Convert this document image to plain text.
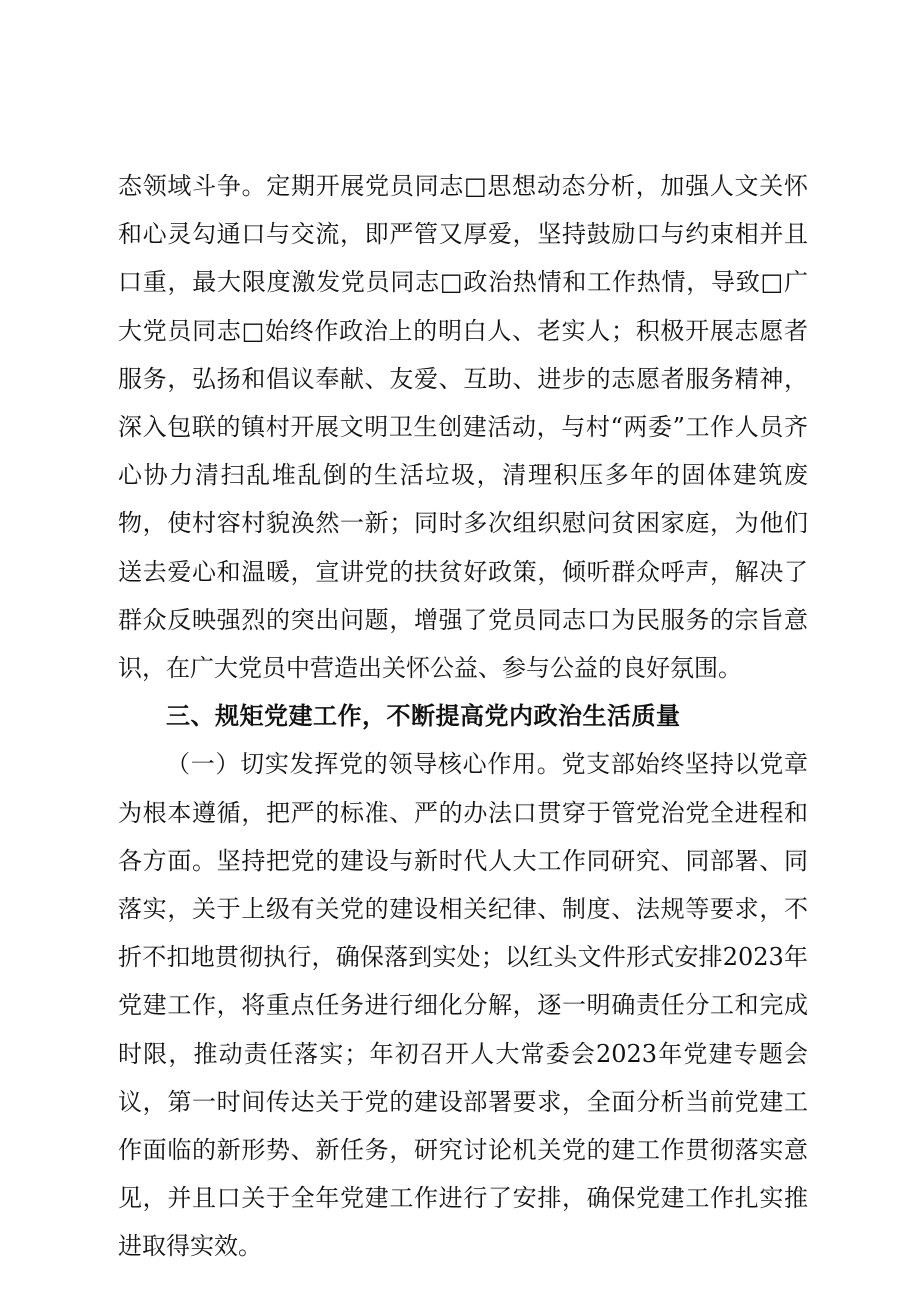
态领域斗争。定期开展党员同志□思想动态分析，加强人文关怀和心灵勾通口与交流，即严管又厚爱，坚持鼓励口与约束相并且口重，最大限度激发党员同志□政治热情和工作热情，导致□广大党员同志□始终作政治上的明白人、老实人；积极开展志愿者服务，弘扬和倡议奉献、友爱、互助、进步的志愿者服务精神，深入包联的镇村开展文明卫生创建活动，与村“两委”工作人员齐心协力清扫乱堆乱倒的生活垃圾，清理积压多年的固体建筑废物，使村容村貌涣然一新；同时多次组织慰问贫困家庭，为他们送去爱心和温暖，宣讲党的扶贫好政策，倾听群众呼声，解决了群众反映强烈的突出问题，增强了党员同志口为民服务的宗旨意识，在广大党员中营造出关怀公益、参与公益的良好氛围。

三、规矩党建工作，不断提高党内政治生活质量

（一）切实发挥党的领导核心作用。党支部始终坚持以党章为根本遵循，把严的标准、严的办法口贯穿于管党治党全进程和各方面。坚持把党的建设与新时代人大工作同研究、同部署、同落实，关于上级有关党的建设相关纪律、制度、法规等要求，不折不扣地贯彻执行，确保落到实处；以红头文件形式安排2023年党建工作，将重点任务进行细化分解，逐一明确责任分工和完成时限，推动责任落实；年初召开人大常委会2023年党建专题会议，第一时间传达关于党的建设部署要求，全面分析当前党建工作面临的新形势、新任务，研究讨论机关党的建工作贯彻落实意见，并且口关于全年党建工作进行了安排，确保党建工作扎实推进取得实效。
